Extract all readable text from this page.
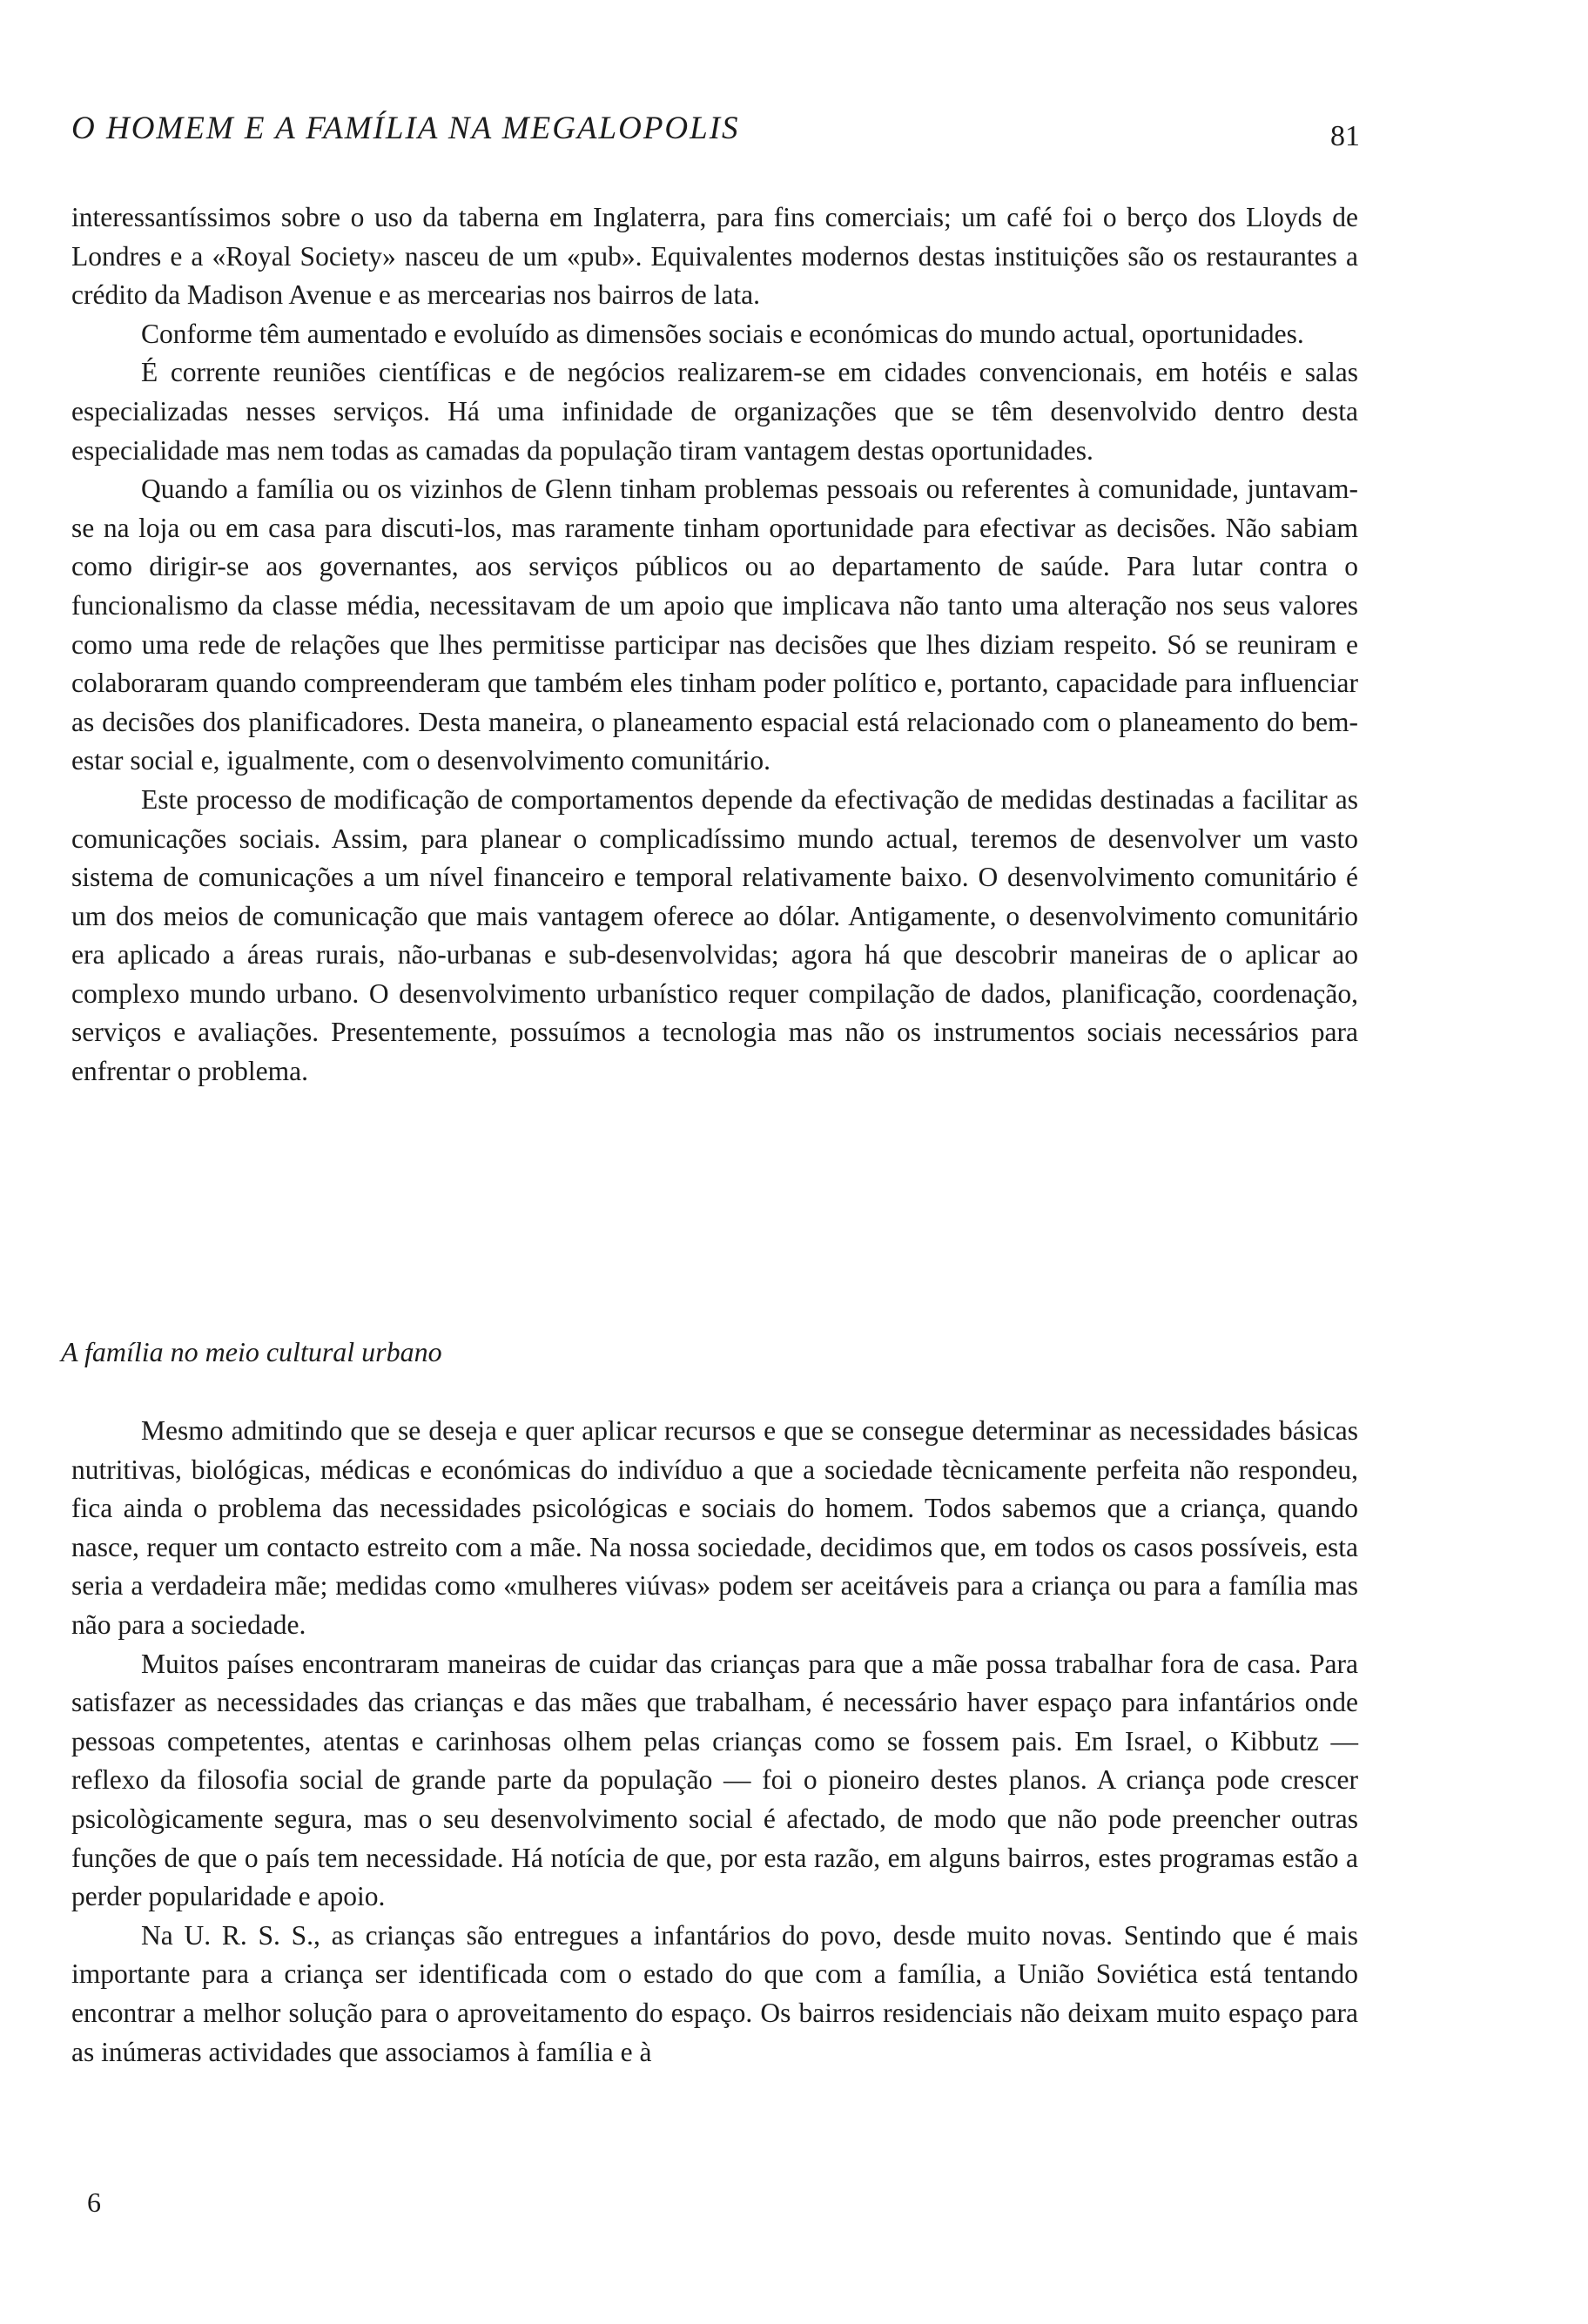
O HOMEM E A FAMÍLIA NA MEGALOPOLIS	81

interessantíssimos sobre o uso da taberna em Inglaterra, para fins comerciais; um café foi o berço dos Lloyds de Londres e a «Royal Society» nasceu de um «pub». Equivalentes modernos destas instituições são os restaurantes a crédito da Madison Avenue e as mercearias nos bairros de lata.

Conforme têm aumentado e evoluído as dimensões sociais e económicas do mundo actual, oportunidades.

É corrente reuniões científicas e de negócios realizarem-se em cidades convencionais, em hotéis e salas especializadas nesses serviços. Há uma infinidade de organizações que se têm desenvolvido dentro desta especialidade mas nem todas as camadas da população tiram vantagem destas oportunidades.

Quando a família ou os vizinhos de Glenn tinham problemas pessoais ou referentes à comunidade, juntavam-se na loja ou em casa para discuti-los, mas raramente tinham oportunidade para efectivar as decisões. Não sabiam como dirigir-se aos governantes, aos serviços públicos ou ao departamento de saúde. Para lutar contra o funcionalismo da classe média, necessitavam de um apoio que implicava não tanto uma alteração nos seus valores como uma rede de relações que lhes permitisse participar nas decisões que lhes diziam respeito. Só se reuniram e colaboraram quando compreenderam que também eles tinham poder político e, portanto, capacidade para influenciar as decisões dos planificadores. Desta maneira, o planeamento espacial está relacionado com o planeamento do bem-estar social e, igualmente, com o desenvolvimento comunitário.

Este processo de modificação de comportamentos depende da efectivação de medidas destinadas a facilitar as comunicações sociais. Assim, para planear o complicadíssimo mundo actual, teremos de desenvolver um vasto sistema de comunicações a um nível financeiro e temporal relativamente baixo. O desenvolvimento comunitário é um dos meios de comunicação que mais vantagem oferece ao dólar. Antigamente, o desenvolvimento comunitário era aplicado a áreas rurais, não-urbanas e sub-desenvolvidas; agora há que descobrir maneiras de o aplicar ao complexo mundo urbano. O desenvolvimento urbanístico requer compilação de dados, planificação, coordenação, serviços e avaliações. Presentemente, possuímos a tecnologia mas não os instrumentos sociais necessários para enfrentar o problema.

A família no meio cultural urbano

Mesmo admitindo que se deseja e quer aplicar recursos e que se consegue determinar as necessidades básicas nutritivas, biológicas, médicas e económicas do indivíduo a que a sociedade tècnicamente perfeita não respondeu, fica ainda o problema das necessidades psicológicas e sociais do homem. Todos sabemos que a criança, quando nasce, requer um contacto estreito com a mãe. Na nossa sociedade, decidimos que, em todos os casos possíveis, esta seria a verdadeira mãe; medidas como «mulheres viúvas» podem ser aceitáveis para a criança ou para a família mas não para a sociedade.

Muitos países encontraram maneiras de cuidar das crianças para que a mãe possa trabalhar fora de casa. Para satisfazer as necessidades das crianças e das mães que trabalham, é necessário haver espaço para infantários onde pessoas competentes, atentas e carinhosas olhem pelas crianças como se fossem pais. Em Israel, o Kibbutz — reflexo da filosofia social de grande parte da população — foi o pioneiro destes planos. A criança pode crescer psicològicamente segura, mas o seu desenvolvimento social é afectado, de modo que não pode preencher outras funções de que o país tem necessidade. Há notícia de que, por esta razão, em alguns bairros, estes programas estão a perder popularidade e apoio.

Na U. R. S. S., as crianças são entregues a infantários do povo, desde muito novas. Sentindo que é mais importante para a criança ser identificada com o estado do que com a família, a União Soviética está tentando encontrar a melhor solução para o aproveitamento do espaço. Os bairros residenciais não deixam muito espaço para as inúmeras actividades que associamos à família e à

6
